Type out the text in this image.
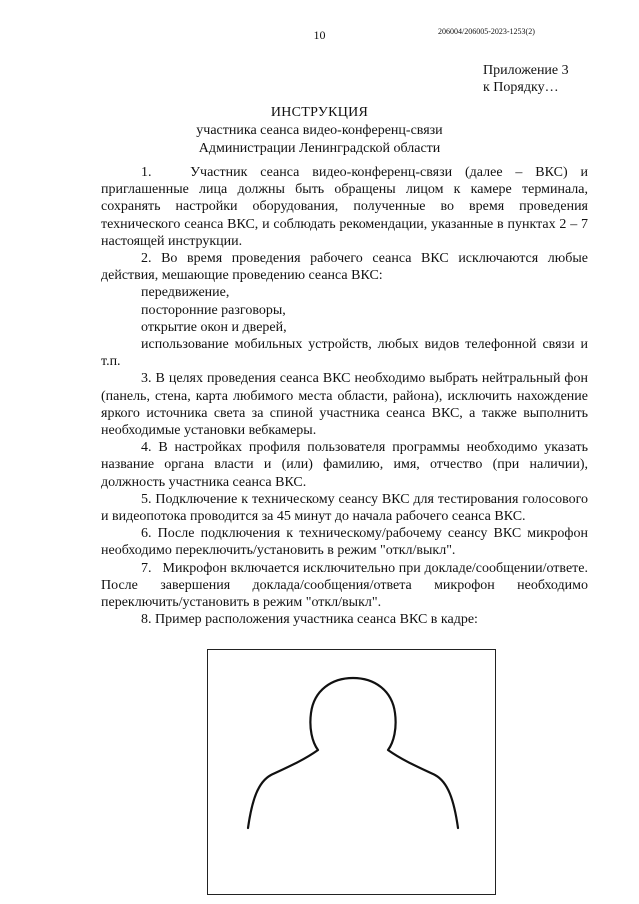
10	206004/206005-2023-1253(2)
Приложение 3
к Порядку…
ИНСТРУКЦИЯ
участника сеанса видео-конференц-связи
Администрации Ленинградской области

1.   Участник сеанса видео-конференц-связи (далее – ВКС) и приглашенные лица должны быть обращены лицом к камере терминала, сохранять настройки оборудования, полученные во время проведения технического сеанса ВКС, и соблюдать рекомендации, указанные в пунктах 2 – 7 настоящей инструкции.

2. Во время проведения рабочего сеанса ВКС исключаются любые действия, мешающие проведению сеанса ВКС:

передвижение,

посторонние разговоры,

открытие окон и дверей,

использование мобильных устройств, любых видов телефонной связи и т.п.

3. В целях проведения сеанса ВКС необходимо выбрать нейтральный фон (панель, стена, карта любимого места области, района), исключить нахождение яркого источника света за спиной участника сеанса ВКС, а также выполнить необходимые установки вебкамеры.

4. В настройках профиля пользователя программы необходимо указать название органа власти и (или) фамилию, имя, отчество (при наличии), должность участника сеанса ВКС.

5. Подключение к техническому сеансу ВКС для тестирования голосового и видеопотока проводится за 45 минут до начала рабочего сеанса ВКС.

6. После подключения к техническому/рабочему сеансу ВКС микрофон необходимо переключить/установить в режим "откл/выкл".

7.   Микрофон включается исключительно при докладе/сообщении/ответе. После завершения доклада/сообщения/ответа микрофон необходимо переключить/установить в режим "откл/выкл".

8. Пример расположения участника сеанса ВКС в кадре:
